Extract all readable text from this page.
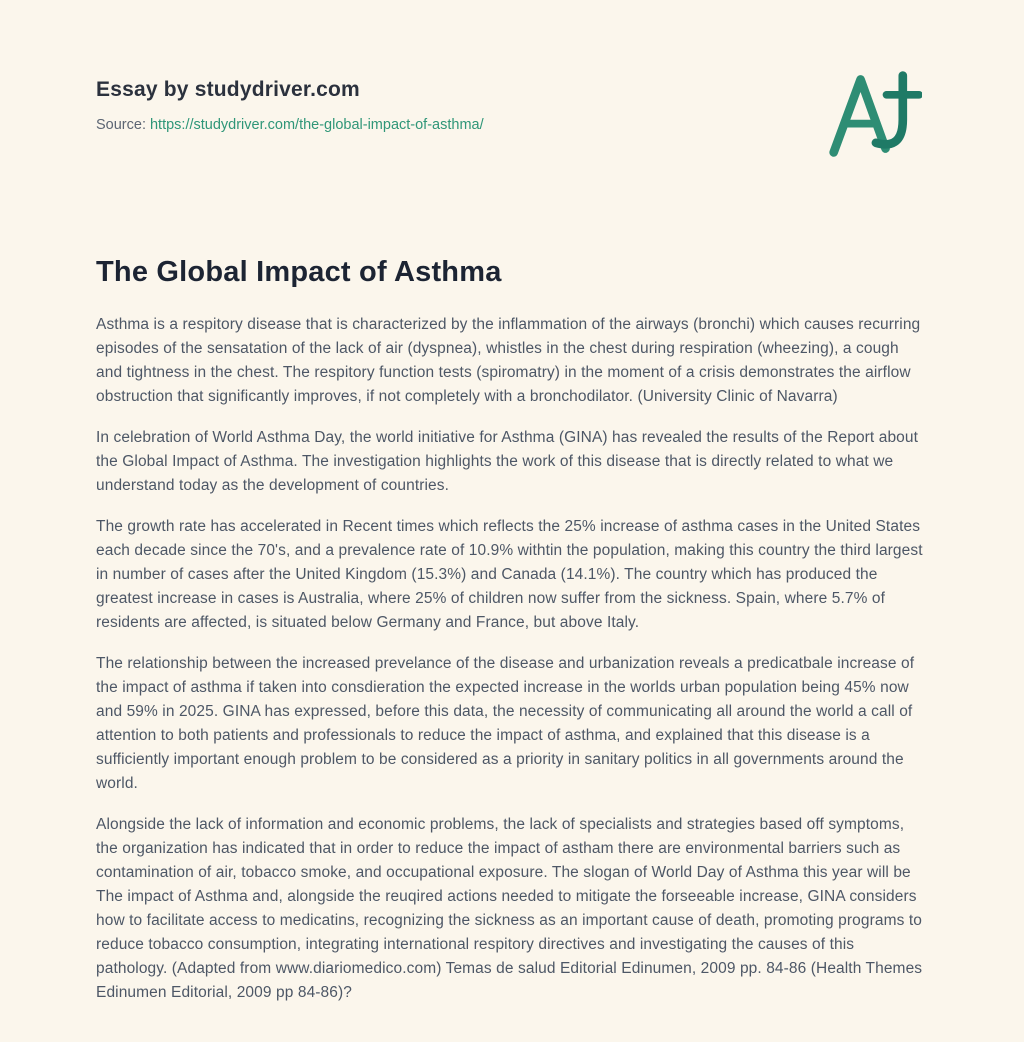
Essay by studydriver.com
Source: https://studydriver.com/the-global-impact-of-asthma/
The Global Impact of Asthma

Asthma is a respitory disease that is characterized by the inflammation of the airways (bronchi) which causes recurring episodes of the sensatation of the lack of air (dyspnea), whistles in the chest during respiration (wheezing), a cough and tightness in the chest. The respitory function tests (spiromatry) in the moment of a crisis demonstrates the airflow obstruction that significantly improves, if not completely with a bronchodilator. (University Clinic of Navarra)

In celebration of World Asthma Day, the world initiative for Asthma (GINA) has revealed the results of the Report about the Global Impact of Asthma. The investigation highlights the work of this disease that is directly related to what we understand today as the development of countries.

The growth rate has accelerated in Recent times which reflects the 25% increase of asthma cases in the United States each decade since the 70's, and a prevalence rate of 10.9% withtin the population, making this country the third largest in number of cases after the United Kingdom (15.3%) and Canada (14.1%). The country which has produced the greatest increase in cases is Australia, where 25% of children now suffer from the sickness. Spain, where 5.7% of residents are affected, is situated below Germany and France, but above Italy.

The relationship between the increased prevelance of the disease and urbanization reveals a predicatbale increase of the impact of asthma if taken into consdieration the expected increase in the worlds urban population being 45% now and 59% in 2025. GINA has expressed, before this data, the necessity of communicating all around the world a call of attention to both patients and professionals to reduce the impact of asthma, and explained that this disease is a sufficiently important enough problem to be considered as a priority in sanitary politics in all governments around the world.

Alongside the lack of information and economic problems, the lack of specialists and strategies based off symptoms, the organization has indicated that in order to reduce the impact of astham there are environmental barriers such as contamination of air, tobacco smoke, and occupational exposure. The slogan of World Day of Asthma this year will be The impact of Asthma and, alongside the reuqired actions needed to mitigate the forseeable increase, GINA considers how to facilitate access to medicatins, recognizing the sickness as an important cause of death, promoting programs to reduce tobacco consumption, integrating international respitory directives and investigating the causes of this pathology. (Adapted from www.diariomedico.com) Temas de salud Editorial Edinumen, 2009 pp. 84-86 (Health Themes Edinumen Editorial, 2009 pp 84-86)?
